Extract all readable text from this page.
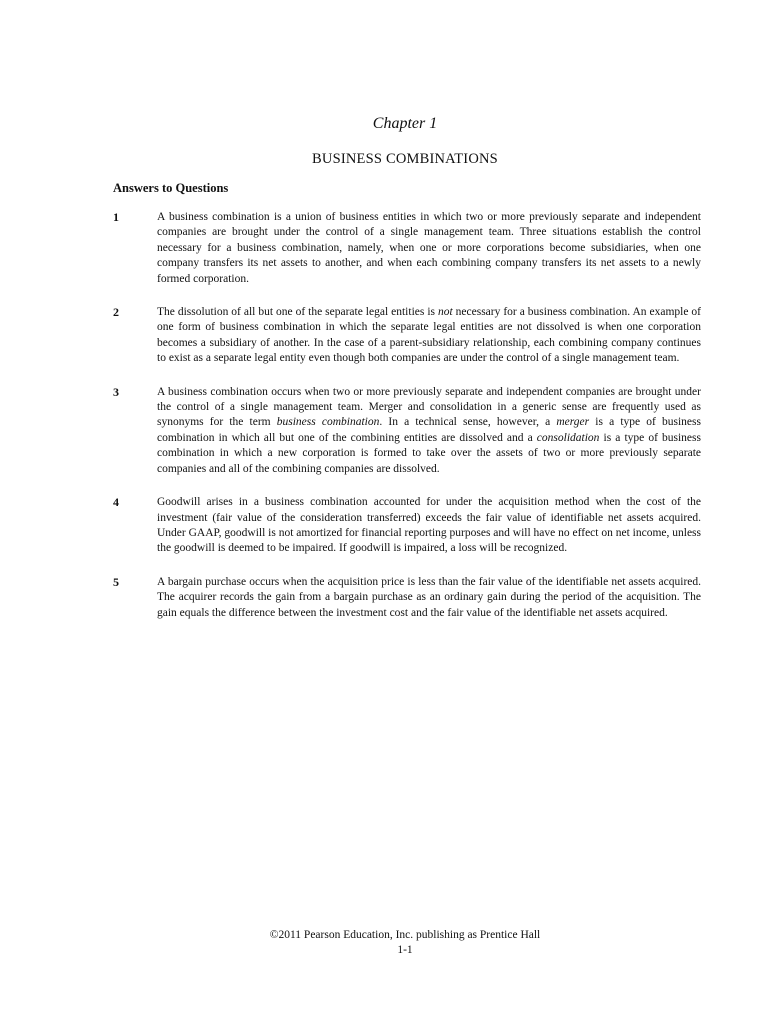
Chapter 1
BUSINESS COMBINATIONS
Answers to Questions
1	A business combination is a union of business entities in which two or more previously separate and independent companies are brought under the control of a single management team. Three situations establish the control necessary for a business combination, namely, when one or more corporations become subsidiaries, when one company transfers its net assets to another, and when each combining company transfers its net assets to a newly formed corporation.
2	The dissolution of all but one of the separate legal entities is not necessary for a business combination. An example of one form of business combination in which the separate legal entities are not dissolved is when one corporation becomes a subsidiary of another. In the case of a parent-subsidiary relationship, each combining company continues to exist as a separate legal entity even though both companies are under the control of a single management team.
3	A business combination occurs when two or more previously separate and independent companies are brought under the control of a single management team. Merger and consolidation in a generic sense are frequently used as synonyms for the term business combination. In a technical sense, however, a merger is a type of business combination in which all but one of the combining entities are dissolved and a consolidation is a type of business combination in which a new corporation is formed to take over the assets of two or more previously separate companies and all of the combining companies are dissolved.
4	Goodwill arises in a business combination accounted for under the acquisition method when the cost of the investment (fair value of the consideration transferred) exceeds the fair value of identifiable net assets acquired. Under GAAP, goodwill is not amortized for financial reporting purposes and will have no effect on net income, unless the goodwill is deemed to be impaired. If goodwill is impaired, a loss will be recognized.
5	A bargain purchase occurs when the acquisition price is less than the fair value of the identifiable net assets acquired. The acquirer records the gain from a bargain purchase as an ordinary gain during the period of the acquisition. The gain equals the difference between the investment cost and the fair value of the identifiable net assets acquired.
©2011 Pearson Education, Inc. publishing as Prentice Hall
1-1
